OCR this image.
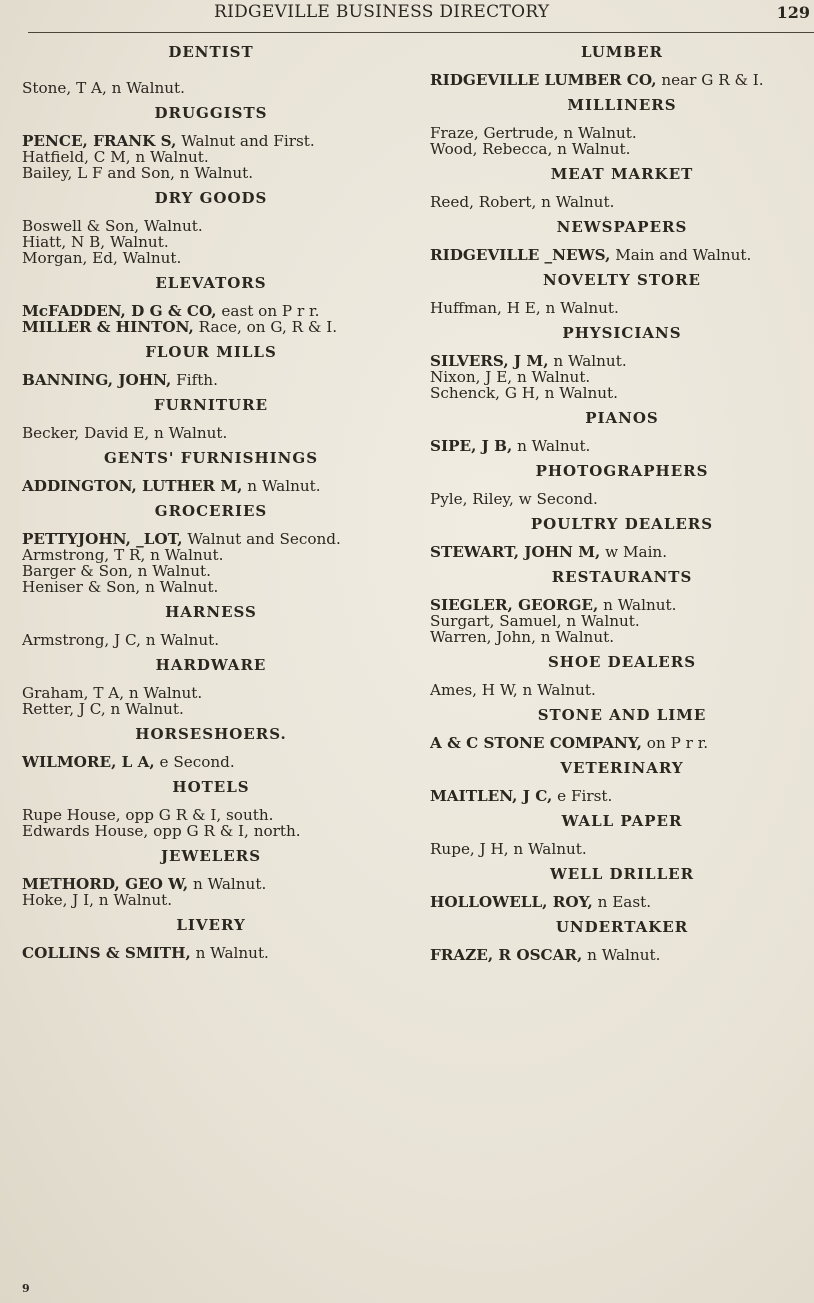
RIDGEVILLE BUSINESS DIRECTORY	129
DENTIST
Stone, T A, n Walnut.
DRUGGISTS
PENCE, FRANK S, Walnut and First.
Hatfield, C M, n Walnut.
Bailey, L F and Son, n Walnut.
DRY GOODS
Boswell & Son, Walnut.
Hiatt, N B, Walnut.
Morgan, Ed, Walnut.
ELEVATORS
McFADDEN, D G & CO, east on P r r.
MILLER & HINTON, Race, on G, R & I.
FLOUR MILLS
BANNING, JOHN, Fifth.
FURNITURE
Becker, David E, n Walnut.
GENTS' FURNISHINGS
ADDINGTON, LUTHER M, n Walnut.
GROCERIES
PETTYJOHN, _LOT, Walnut and Second.
Armstrong, T R, n Walnut.
Barger & Son, n Walnut.
Heniser & Son, n Walnut.
HARNESS
Armstrong, J C, n Walnut.
HARDWARE
Graham, T A, n Walnut.
Retter, J C, n Walnut.
HORSESHOERS.
WILMORE, L A, e Second.
HOTELS
Rupe House, opp G R & I, south.
Edwards House, opp G R & I, north.
JEWELERS
METHORD, GEO W, n Walnut.
Hoke, J I, n Walnut.
LIVERY
COLLINS & SMITH, n Walnut.
LUMBER
RIDGEVILLE LUMBER CO, near G R & I.
MILLINERS
Fraze, Gertrude, n Walnut.
Wood, Rebecca, n Walnut.
MEAT MARKET
Reed, Robert, n Walnut.
NEWSPAPERS
RIDGEVILLE _NEWS, Main and Walnut.
NOVELTY STORE
Huffman, H E, n Walnut.
PHYSICIANS
SILVERS, J M, n Walnut.
Nixon, J E, n Walnut.
Schenck, G H, n Walnut.
PIANOS
SIPE, J B, n Walnut.
PHOTOGRAPHERS
Pyle, Riley, w Second.
POULTRY DEALERS
STEWART, JOHN M, w Main.
RESTAURANTS
SIEGLER, GEORGE, n Walnut.
Surgart, Samuel, n Walnut.
Warren, John, n Walnut.
SHOE DEALERS
Ames, H W, n Walnut.
STONE AND LIME
A & C STONE COMPANY, on P r r.
VETERINARY
MAITLEN, J C, e First.
WALL PAPER
Rupe, J H, n Walnut.
WELL DRILLER
HOLLOWELL, ROY, n East.
UNDERTAKER
FRAZE, R OSCAR, n Walnut.
9
